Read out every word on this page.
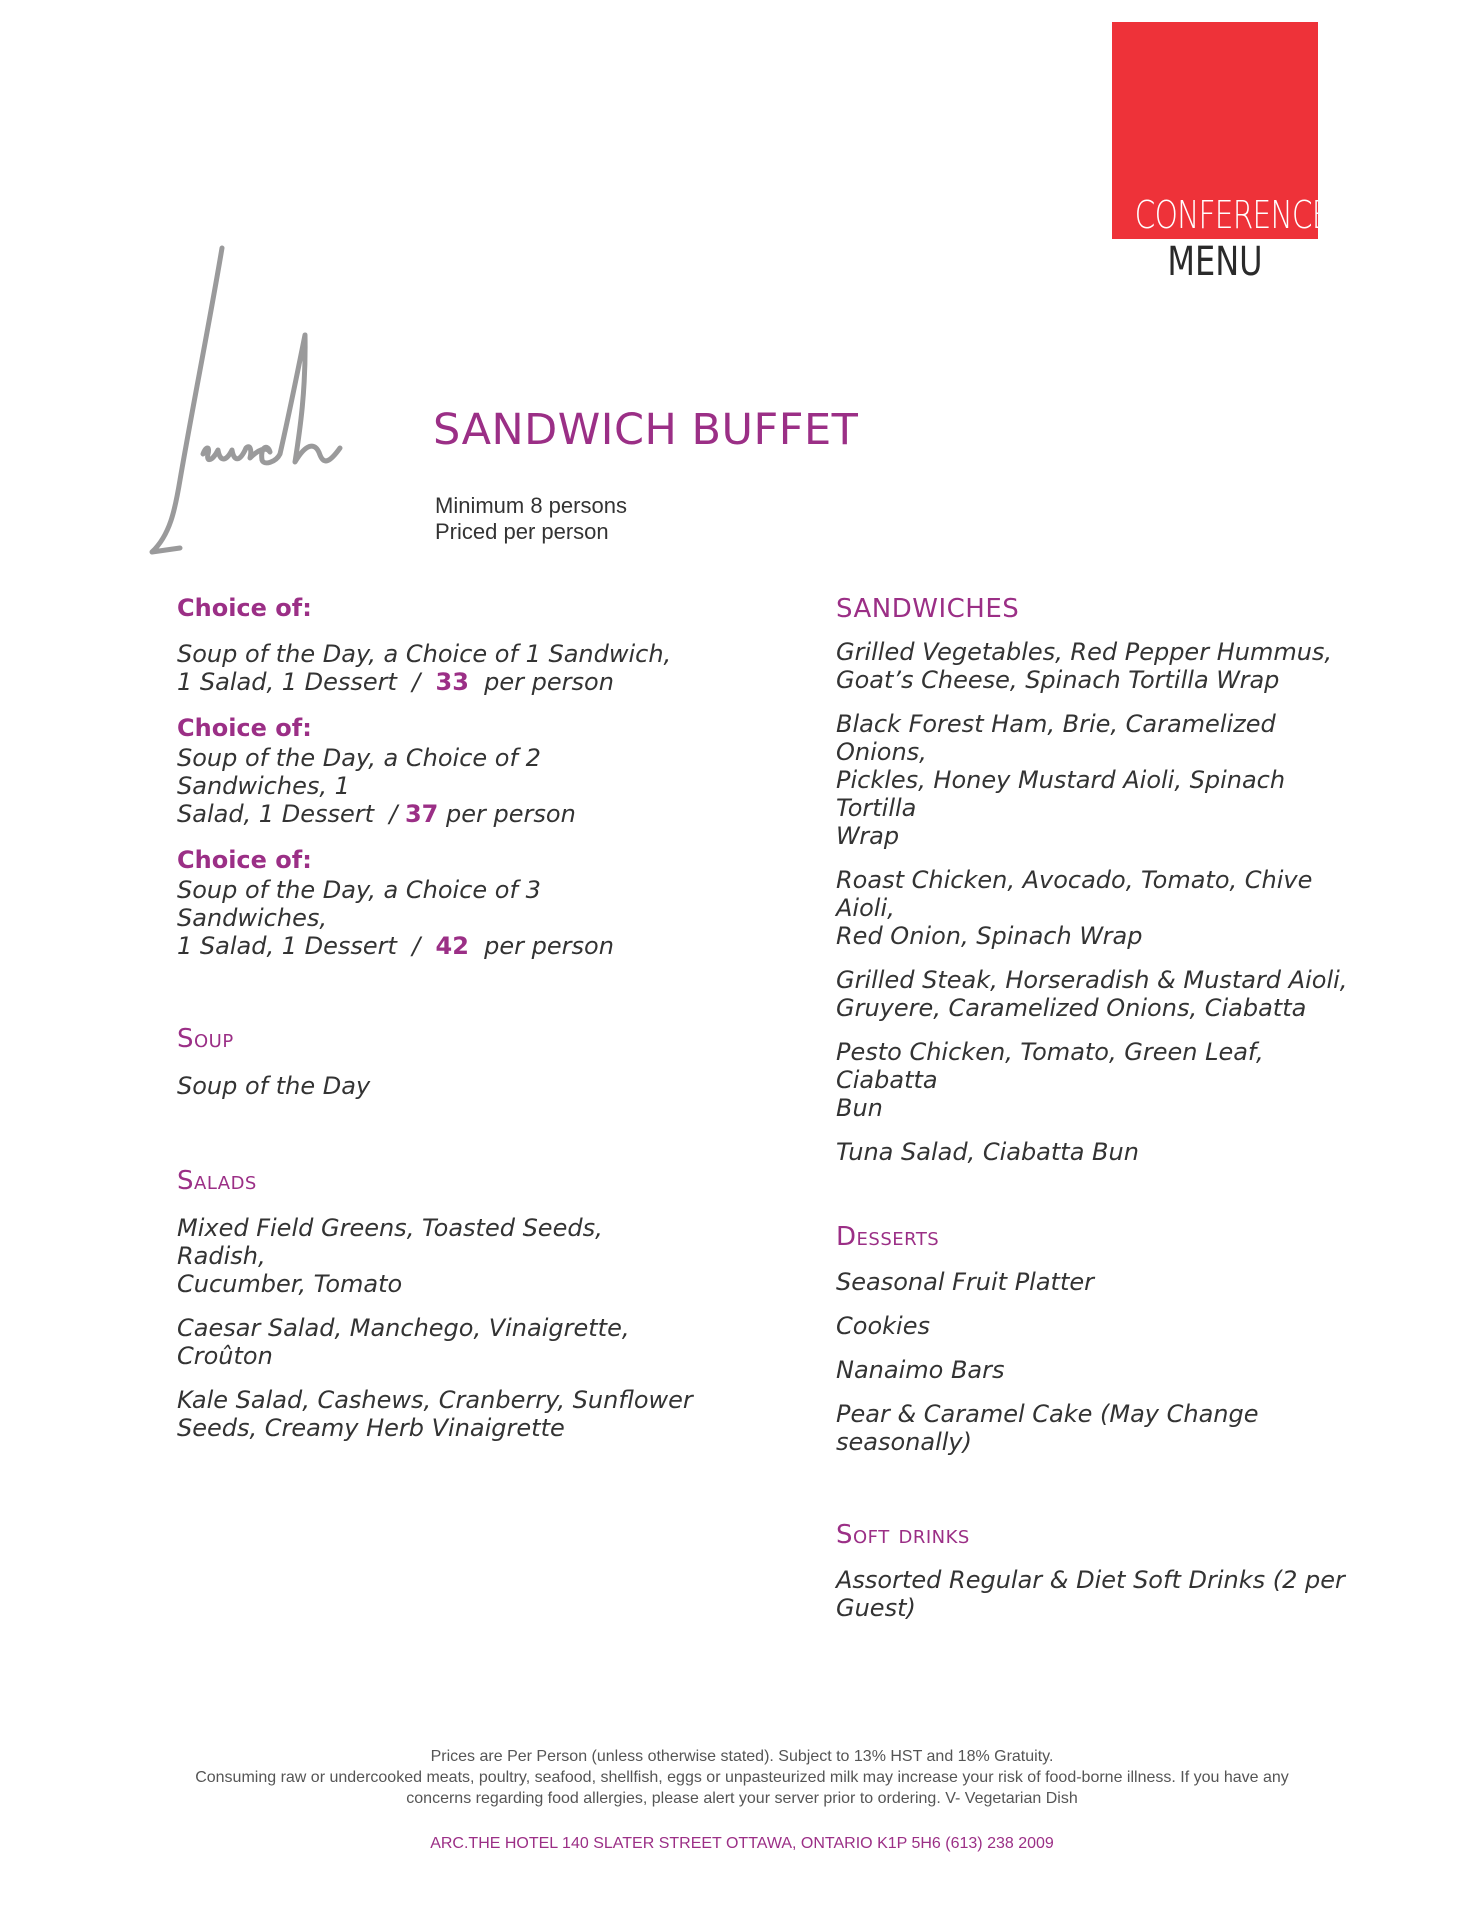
CONFERENCE
MENU
SANDWICH BUFFET
Minimum 8 persons
Priced per person
Choice of:
Soup of the Day, a Choice of 1 Sandwich,
1 Salad, 1 Dessert  /  33  per person
Choice of:
Soup of the Day, a Choice of 2 Sandwiches, 1
Salad, 1 Dessert  / 37 per person
Choice of:
Soup of the Day, a Choice of 3 Sandwiches,
1 Salad, 1 Dessert  /  42  per person
Soup
Soup of the Day
Salads
Mixed Field Greens, Toasted Seeds, Radish,
Cucumber, Tomato
Caesar Salad, Manchego, Vinaigrette,
Croûton
Kale Salad, Cashews, Cranberry, Sunflower
Seeds, Creamy Herb Vinaigrette
SANDWICHES
Grilled Vegetables, Red Pepper Hummus,
Goat’s Cheese, Spinach Tortilla Wrap
Black Forest Ham, Brie, Caramelized Onions,
Pickles, Honey Mustard Aioli, Spinach Tortilla
Wrap
Roast Chicken, Avocado, Tomato, Chive Aioli,
Red Onion, Spinach Wrap
Grilled Steak, Horseradish & Mustard Aioli,
Gruyere, Caramelized Onions, Ciabatta
Pesto Chicken, Tomato, Green Leaf, Ciabatta
Bun
Tuna Salad, Ciabatta Bun
Desserts
Seasonal Fruit Platter
Cookies
Nanaimo Bars
Pear & Caramel Cake (May Change
seasonally)
Soft drinks
Assorted Regular & Diet Soft Drinks (2 per
Guest)
Prices are Per Person (unless otherwise stated). Subject to 13% HST and 18% Gratuity.
Consuming raw or undercooked meats, poultry, seafood, shellfish, eggs or unpasteurized milk may increase your risk of food-borne illness. If you have any
concerns regarding food allergies, please alert your server prior to ordering. V- Vegetarian Dish
ARC.THE HOTEL 140 SLATER STREET OTTAWA, ONTARIO K1P 5H6 (613) 238 2009
